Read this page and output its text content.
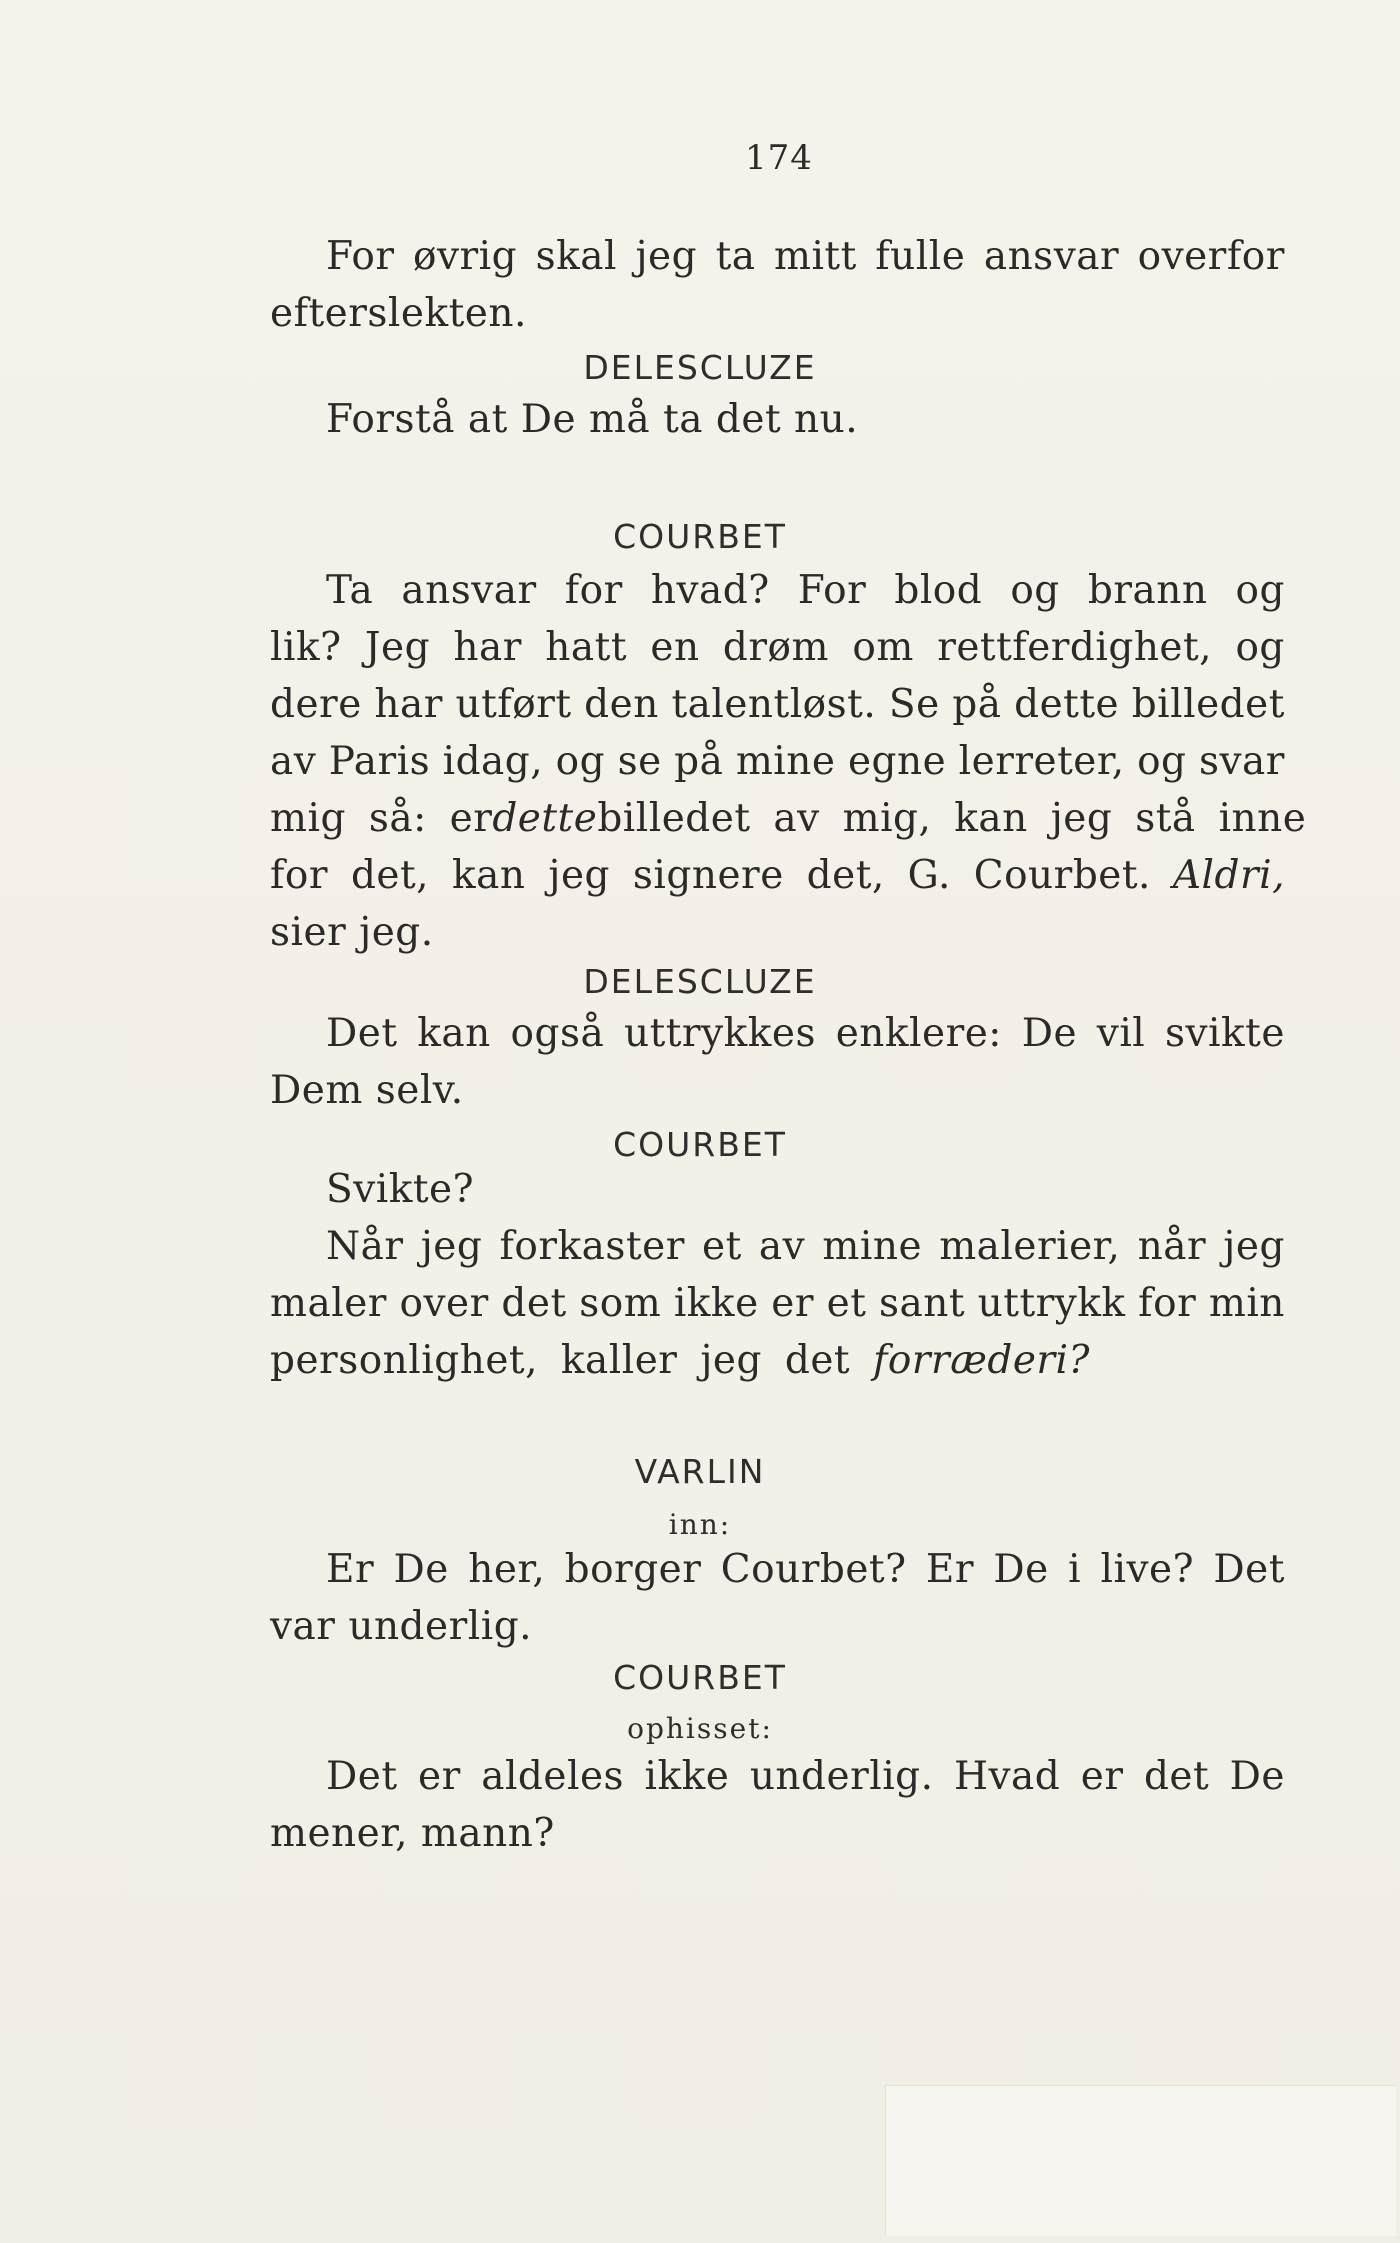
174
For øvrig skal jeg ta mitt fulle ansvar overfor
efterslekten.
DELESCLUZE
Forstå at De må ta det nu.
COURBET
Ta ansvar for hvad? For blod og brann og
lik? Jeg har hatt en drøm om rettferdighet, og
dere har utført den talentløst. Se på dette billedet
av Paris idag, og se på mine egne lerreter, og svar
mig så: er dette billedet av mig, kan jeg stå inne
for det, kan jeg signere det, G. Courbet. Aldri,
sier jeg.
DELESCLUZE
Det kan også uttrykkes enklere: De vil svikte
Dem selv.
COURBET
Svikte?
Når jeg forkaster et av mine malerier, når jeg
maler over det som ikke er et sant uttrykk for min
personlighet, kaller jeg det forræderi?
VARLIN
inn:
Er De her, borger Courbet? Er De i live? Det
var underlig.
COURBET
ophisset:
Det er aldeles ikke underlig. Hvad er det De
mener, mann?
